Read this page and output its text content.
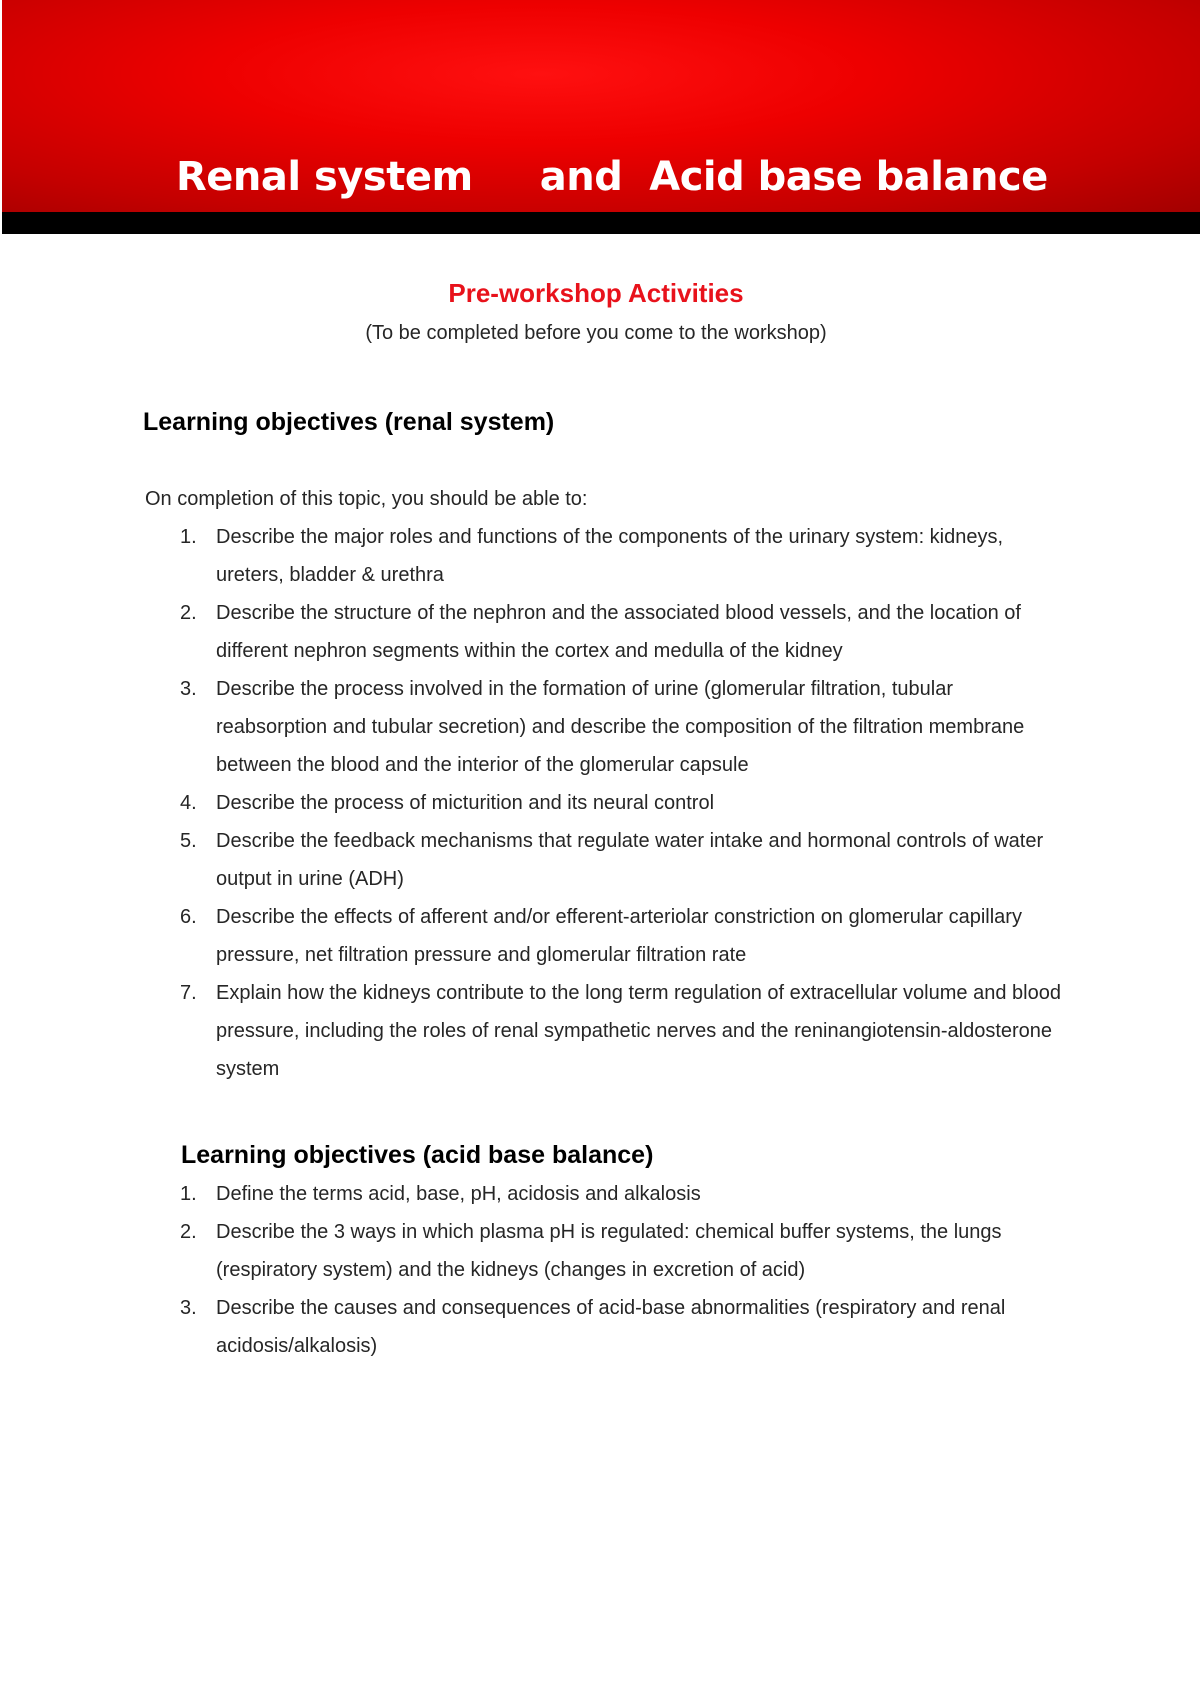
Renal system     and  Acid base balance
Pre-workshop Activities

(To be completed before you come to the workshop)

Learning objectives (renal system)

On completion of this topic, you should be able to:

1. Describe the major roles and functions of the components of the urinary system: kidneys, ureters, bladder & urethra
2. Describe the structure of the nephron and the associated blood vessels, and the location of different nephron segments within the cortex and medulla of the kidney
3. Describe the process involved in the formation of urine (glomerular filtration, tubular reabsorption and tubular secretion) and describe the composition of the filtration membrane between the blood and the interior of the glomerular capsule
4. Describe the process of micturition and its neural control
5. Describe the feedback mechanisms that regulate water intake and hormonal controls of water output in urine (ADH)
6. Describe the effects of afferent and/or efferent-arteriolar constriction on glomerular capillary pressure, net filtration pressure and glomerular filtration rate
7. Explain how the kidneys contribute to the long term regulation of extracellular volume and blood pressure, including the roles of renal sympathetic nerves and the reninangiotensin-aldosterone system
Learning objectives (acid base balance)
1. Define the terms acid, base, pH, acidosis and alkalosis
2. Describe the 3 ways in which plasma pH is regulated: chemical buffer systems, the lungs (respiratory system) and the kidneys (changes in excretion of acid)
3. Describe the causes and consequences of acid-base abnormalities (respiratory and renal acidosis/alkalosis)
